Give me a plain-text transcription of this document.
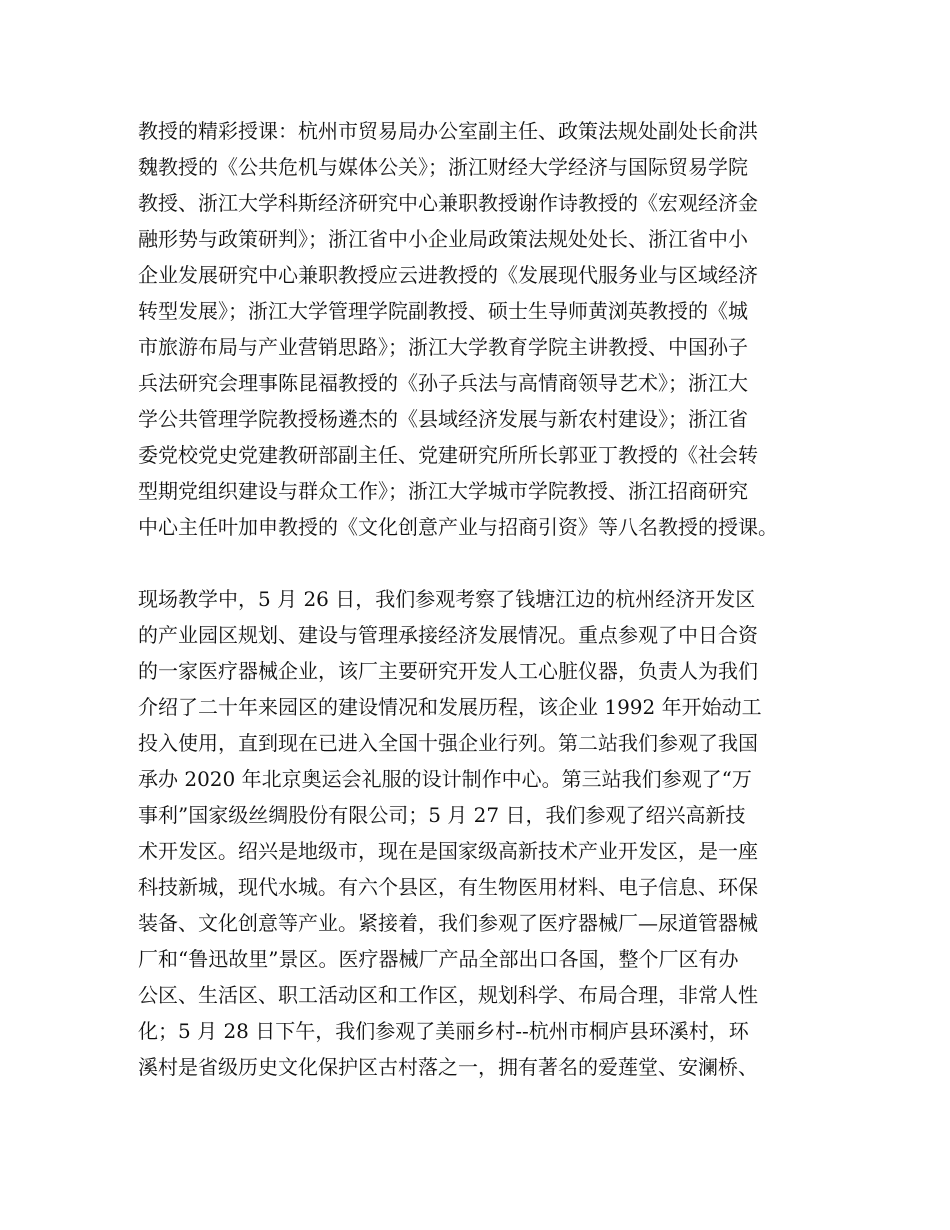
教授的精彩授课：杭州市贸易局办公室副主任、政策法规处副处长俞洪
魏教授的《公共危机与媒体公关》；浙江财经大学经济与国际贸易学院
教授、浙江大学科斯经济研究中心兼职教授谢作诗教授的《宏观经济金
融形势与政策研判》；浙江省中小企业局政策法规处处长、浙江省中小
企业发展研究中心兼职教授应云进教授的《发展现代服务业与区域经济
转型发展》；浙江大学管理学院副教授、硕士生导师黄浏英教授的《城
市旅游布局与产业营销思路》；浙江大学教育学院主讲教授、中国孙子
兵法研究会理事陈昆福教授的《孙子兵法与高情商领导艺术》；浙江大
学公共管理学院教授杨遴杰的《县域经济发展与新农村建设》；浙江省
委党校党史党建教研部副主任、党建研究所所长郭亚丁教授的《社会转
型期党组织建设与群众工作》；浙江大学城市学院教授、浙江招商研究
中心主任叶加申教授的《文化创意产业与招商引资》等八名教授的授课。
现场教学中，5 月 26 日，我们参观考察了钱塘江边的杭州经济开发区
的产业园区规划、建设与管理承接经济发展情况。重点参观了中日合资
的一家医疗器械企业，该厂主要研究开发人工心脏仪器，负责人为我们
介绍了二十年来园区的建设情况和发展历程，该企业 1992 年开始动工
投入使用，直到现在已进入全国十强企业行列。第二站我们参观了我国
承办 2020 年北京奥运会礼服的设计制作中心。第三站我们参观了“万
事利”国家级丝绸股份有限公司；5 月 27 日，我们参观了绍兴高新技
术开发区。绍兴是地级市，现在是国家级高新技术产业开发区，是一座
科技新城，现代水城。有六个县区，有生物医用材料、电子信息、环保
装备、文化创意等产业。紧接着，我们参观了医疗器械厂—尿道管器械
厂和“鲁迅故里”景区。医疗器械厂产品全部出口各国，整个厂区有办
公区、生活区、职工活动区和工作区，规划科学、布局合理，非常人性
化；5 月 28 日下午，我们参观了美丽乡村--杭州市桐庐县环溪村，环
溪村是省级历史文化保护区古村落之一，拥有著名的爱莲堂、安澜桥、
